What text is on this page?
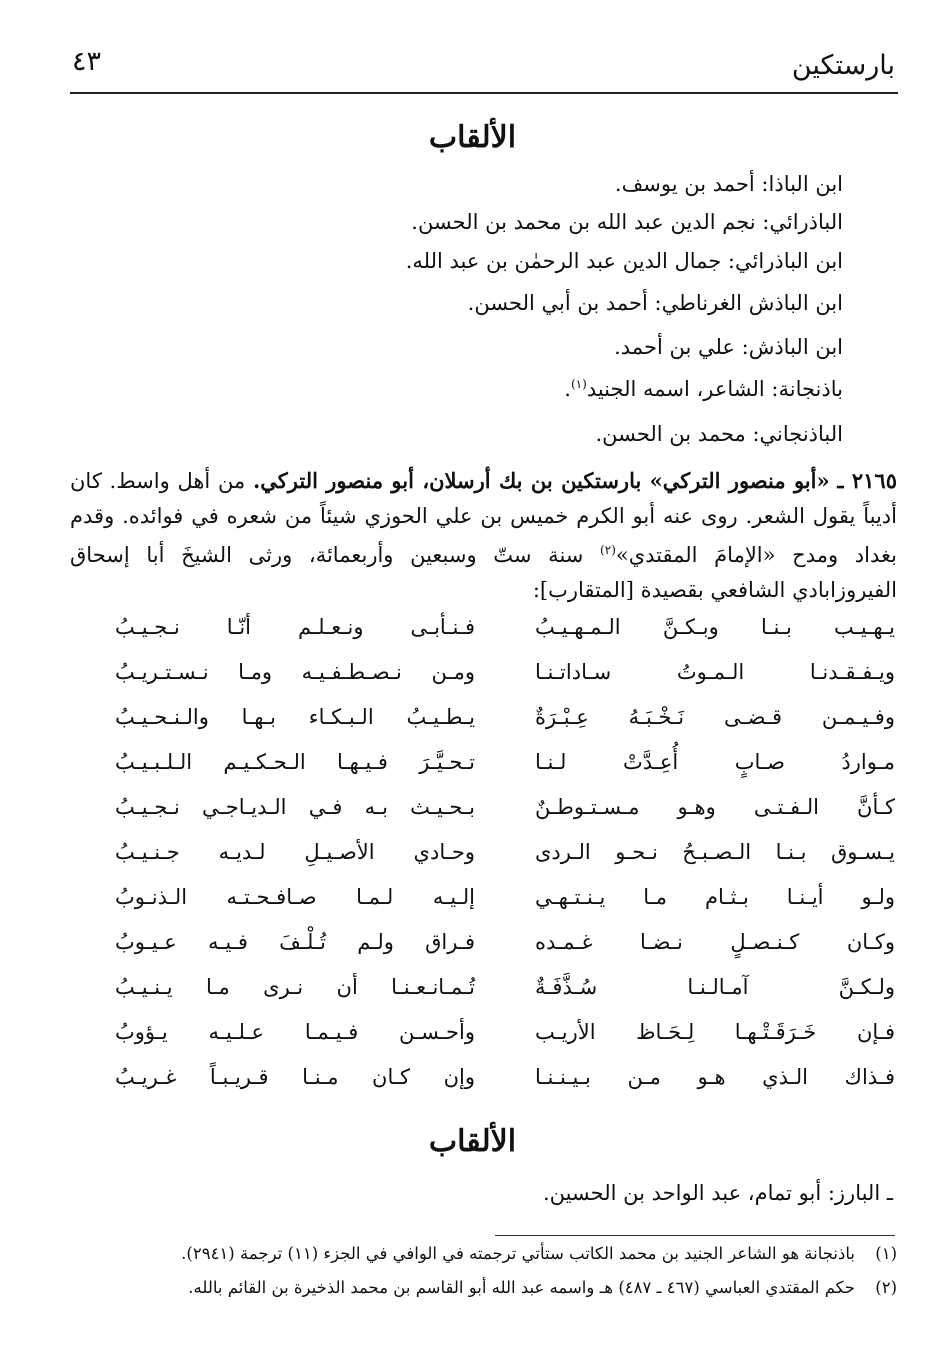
بارستكين
٤٣
الألقاب
ابن الباذا: أحمد بن يوسف.
الباذرائي: نجم الدين عبد الله بن محمد بن الحسن.
ابن الباذرائي: جمال الدين عبد الرحمٰن بن عبد الله.
ابن الباذش الغرناطي: أحمد بن أبي الحسن.
ابن الباذش: علي بن أحمد.
باذنجانة: الشاعر، اسمه الجنيد$^{(١)}$.
الباذنجاني: محمد بن الحسن.
٢١٦٥ ـ «أبو منصور التركي» بارستكين بن بك أرسلان، أبو منصور التركي. من أهل واسط. كان أديباً يقول الشعر. روى عنه أبو الكرم خميس بن علي الحوزي شيئاً من شعره في فوائده. وقدم بغداد ومدح «الإمامَ المقتدي»$^{(٢)}$ سنة ستّ وسبعين وأربعمائة، ورثى الشيخَ أبا إسحاق الفيروزابادي الشافعي بقصيدة [المتقارب]:
يـهـيـب بـنـا وبـكـنَّ الـمـهـيـبُ
فـنـأبـى ونـعـلـم أنّـا نـجـيـبُ
ويـفـقـدنـا الـمـوتُ سـاداتـنـا
ومـن نـصـطـفـيـه ومـا نـسـتـريـبُ
وفـيـمـن قـضـى نَـخْـبَـهُ عِـبْـرَةٌ
يـطـيـبُ الـبـكـاء بـهـا والـنـحـيـبُ
مـواردُ صـابٍ أُعِـدَّتْ لـنـا
تـحـيَّـرَ فـيـهـا الـحـكـيـم الـلـبـيـبُ
كـأنَّ الـفـتـى وهـو مـسـتـوطـنٌ
بـحـيـث بـه فـي الـديـاجـي نـجـيـبُ
يـسـوق بـنـا الـصـبـحُ نـحـو الـردى
وحـادي الأصـيـلِ لـديـه جـنـيـبُ
ولـو أيـنـا بـثـام مـا يـنـتـهـي
إلـيـه لـمـا صـافـحـتـه الـذنـوبُ
وكـان كـنـصـلٍ نـضـا غـمـده
فـراق ولـم تُـلْـفَ فـيـه عـيـوبُ
ولـكـنَّ آمـالـنـا سُـذَّفَـةٌ
تُـمـانـعـنـا أن نـرى مـا يـنـيـبُ
فـإن خَـرَقَـتْـهـا لِـحَـاظ الأريـب
وأحـسـن فـيـمـا عـلـيـه يـؤوبُ
فـذاك الـذي هـو مـن بـيـنـنـا
وإن كـان مـنـا قـريـبـاً غـريـبُ
الألقاب
ـ البارز: أبو تمام، عبد الواحد بن الحسين.
(١)باذنجانة هو الشاعر الجنيد بن محمد الكاتب ستأتي ترجمته في الوافي في الجزء (١١) ترجمة (٢٩٤١).
(٢)حكم المقتدي العباسي (٤٦٧ ـ ٤٨٧) هـ واسمه عبد الله أبو القاسم بن محمد الذخيرة بن القائم بالله.
